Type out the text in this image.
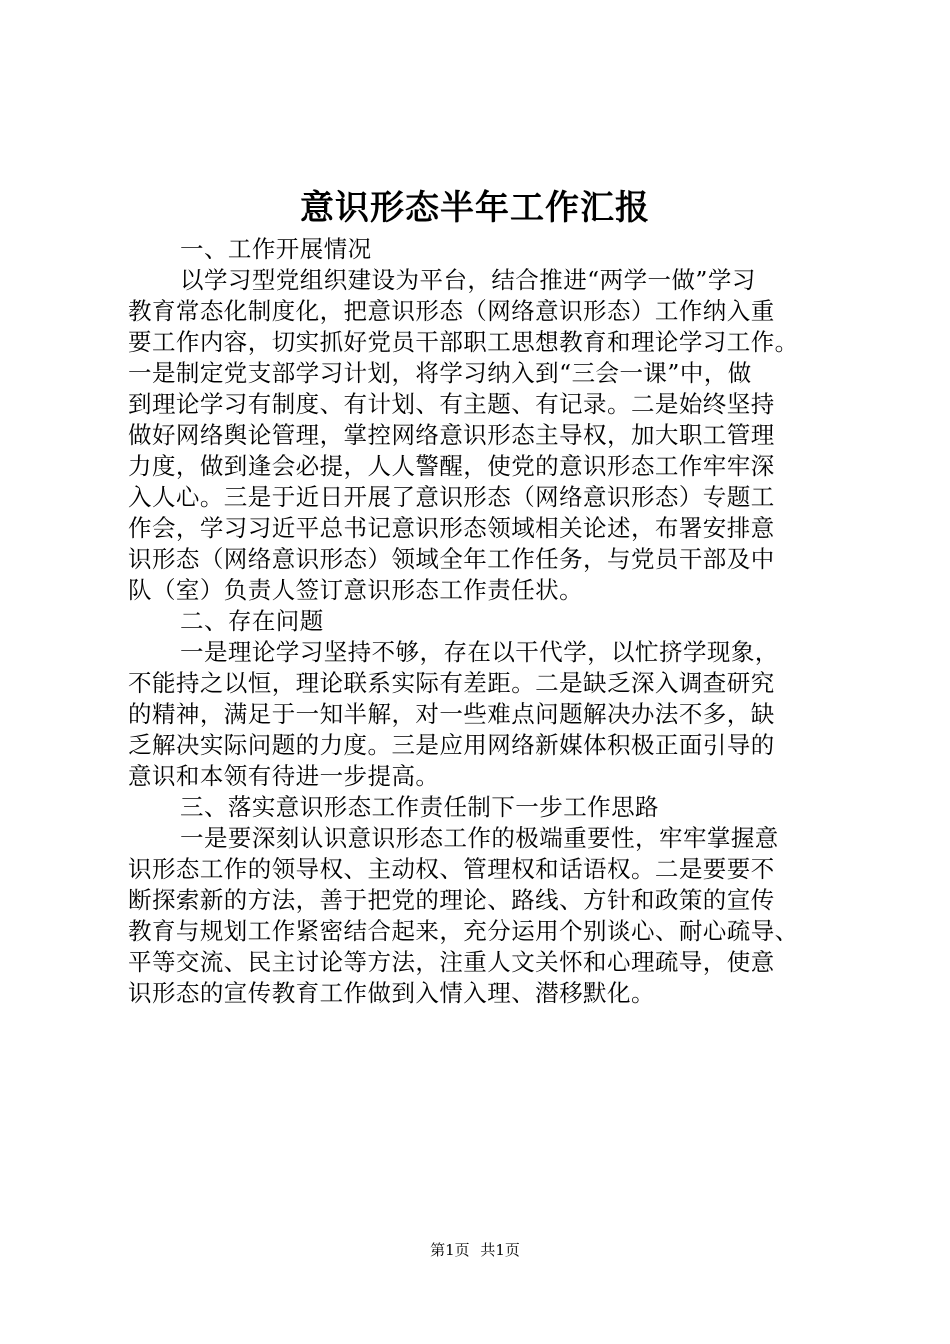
意识形态半年工作汇报
一、工作开展情况
以学习型党组织建设为平台，结合推进“两学一做”学习
教育常态化制度化，把意识形态（网络意识形态）工作纳入重
要工作内容，切实抓好党员干部职工思想教育和理论学习工作。
一是制定党支部学习计划，将学习纳入到“三会一课”中，做
到理论学习有制度、有计划、有主题、有记录。二是始终坚持
做好网络舆论管理，掌控网络意识形态主导权，加大职工管理
力度，做到逢会必提，人人警醒，使党的意识形态工作牢牢深
入人心。三是于近日开展了意识形态（网络意识形态）专题工
作会，学习习近平总书记意识形态领域相关论述，布署安排意
识形态（网络意识形态）领域全年工作任务，与党员干部及中
队（室）负责人签订意识形态工作责任状。
二、存在问题
一是理论学习坚持不够，存在以干代学，以忙挤学现象，
不能持之以恒，理论联系实际有差距。二是缺乏深入调查研究
的精神，满足于一知半解，对一些难点问题解决办法不多，缺
乏解决实际问题的力度。三是应用网络新媒体积极正面引导的
意识和本领有待进一步提高。
三、落实意识形态工作责任制下一步工作思路
一是要深刻认识意识形态工作的极端重要性，牢牢掌握意
识形态工作的领导权、主动权、管理权和话语权。二是要要不
断探索新的方法，善于把党的理论、路线、方针和政策的宣传
教育与规划工作紧密结合起来，充分运用个别谈心、耐心疏导、
平等交流、民主讨论等方法，注重人文关怀和心理疏导，使意
识形态的宣传教育工作做到入情入理、潜移默化。
第1页 共1页
